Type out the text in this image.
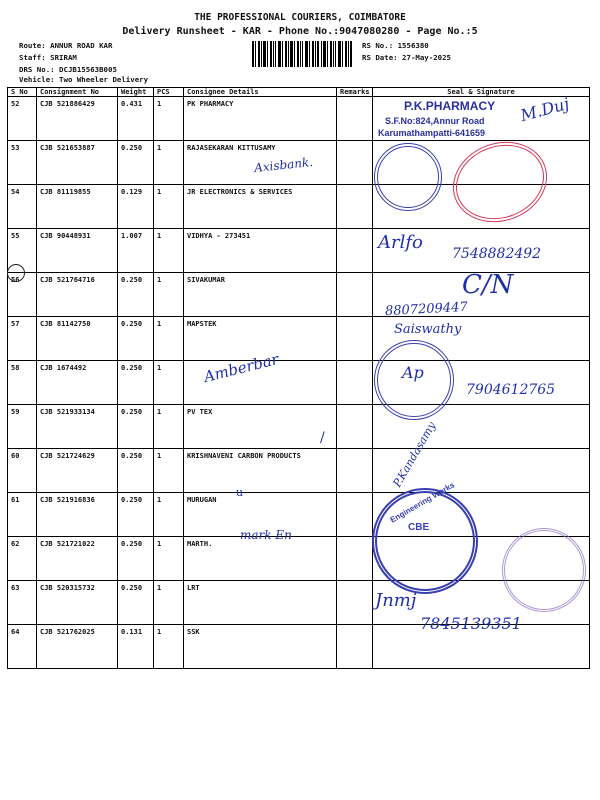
THE PROFESSIONAL COURIERS, COIMBATORE
Delivery Runsheet - KAR - Phone No.:9047080280 - Page No.:5
Route: ANNUR ROAD KAR
Staff: SRIRAM
DRS No.: DCJB15563B005
Vehicle: Two Wheeler Delivery
RS No.: 1556380
RS Date: 27-May-2025
S No	Consignment No	Weight	PCS	Consignee Details	Remarks	Seal & Signature
52	CJB 521886429	0.431	1	PK PHARMACY		
53	CJB 521653887	0.250	1	RAJASEKARAN KITTUSAMY		
54	CJB 81119855	0.129	1	JR ELECTRONICS & SERVICES		
55	CJB 90448931	1.007	1	VIDHYA - 273451		
56	CJB 521764716	0.250	1	SIVAKUMAR		
57	CJB 81142750	0.250	1	MAPSTEK		
58	CJB 1674492	0.250	1			
59	CJB 521933134	0.250	1	PV TEX		
60	CJB 521724629	0.250	1	KRISHNAVENI CARBON PRODUCTS		
61	CJB 521916836	0.250	1	MURUGAN		
62	CJB 521721022	0.250	1	MARTH.		
63	CJB 520315732	0.250	1	LRT		
64	CJB 521762025	0.131	1	SSK		
P.K.PHARMACY
S.F.No:824,Annur Road
Karumathampatti-641659
M.Duj
Axisbank.
Arlfo
7548882492
C/N
8807209447
Saiswathy
Amberbar	Ap
7904612765
/	P.Kandasamy
u
CBE
Engineering Works
mark En
Jnmj
7845139351
